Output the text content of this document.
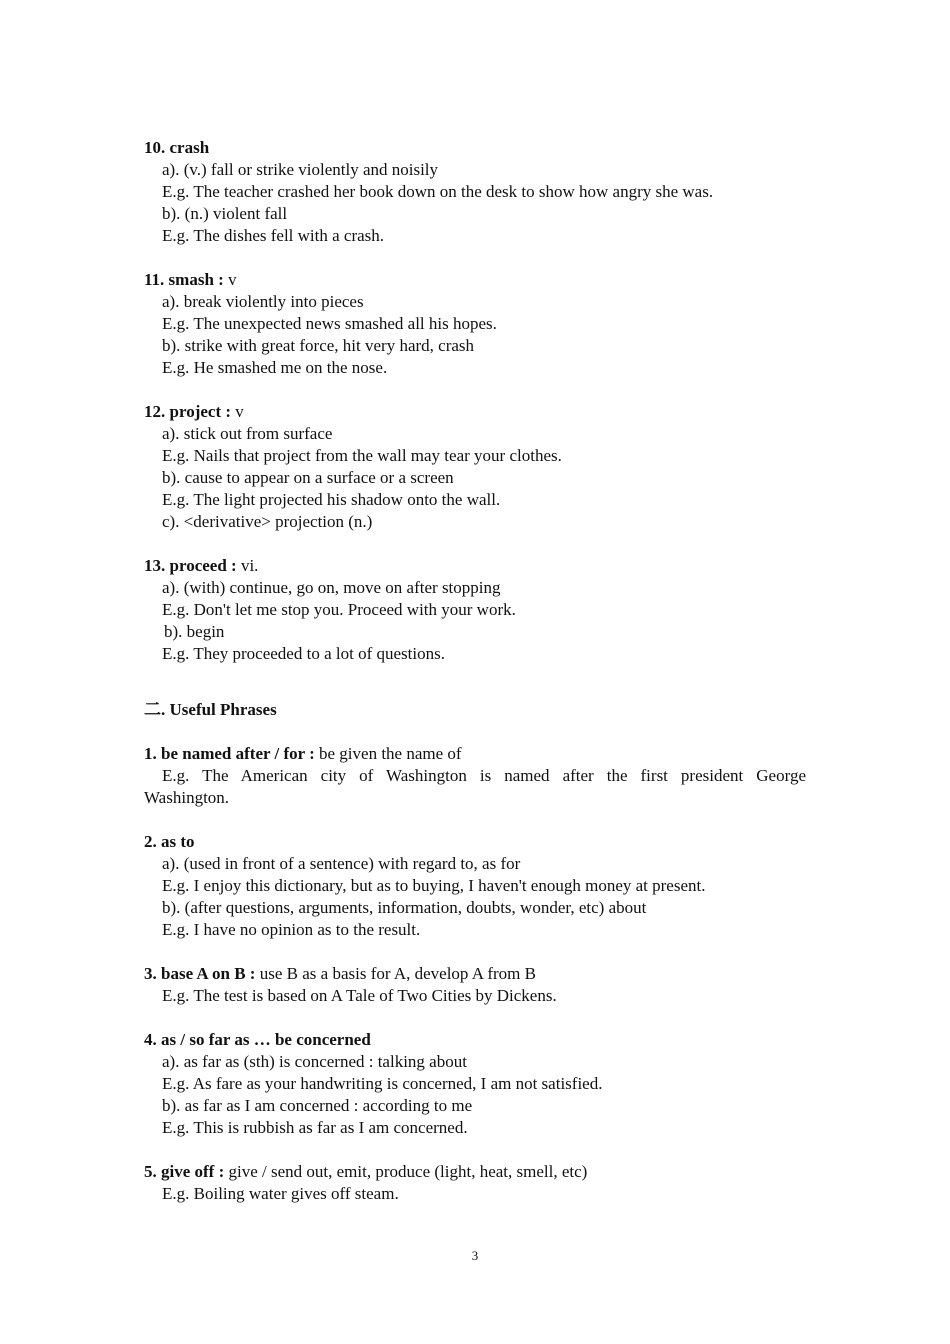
10. crash
a). (v.) fall or strike violently and noisily
E.g. The teacher crashed her book down on the desk to show how angry she was.
b). (n.) violent fall
E.g. The dishes fell with a crash.
11. smash : v
a). break violently into pieces
E.g. The unexpected news smashed all his hopes.
b). strike with great force, hit very hard, crash
E.g. He smashed me on the nose.
12. project : v
a). stick out from surface
E.g. Nails that project from the wall may tear your clothes.
b). cause to appear on a surface or a screen
E.g. The light projected his shadow onto the wall.
c). <derivative> projection (n.)
13. proceed : vi.
a). (with) continue, go on, move on after stopping
E.g. Don't let me stop you. Proceed with your work.
b). begin
E.g. They proceeded to a lot of questions.
二. Useful Phrases
1. be named after / for : be given the name of
E.g. The American city of Washington is named after the first president George
Washington.
2. as to
a). (used in front of a sentence) with regard to, as for
E.g. I enjoy this dictionary, but as to buying, I haven't enough money at present.
b). (after questions, arguments, information, doubts, wonder, etc) about
E.g. I have no opinion as to the result.
3. base A on B : use B as a basis for A, develop A from B
E.g. The test is based on A Tale of Two Cities by Dickens.
4. as / so far as … be concerned
a). as far as (sth) is concerned : talking about
E.g. As fare as your handwriting is concerned, I am not satisfied.
b). as far as I am concerned : according to me
E.g. This is rubbish as far as I am concerned.
5. give off : give / send out, emit, produce (light, heat, smell, etc)
E.g. Boiling water gives off steam.
3
